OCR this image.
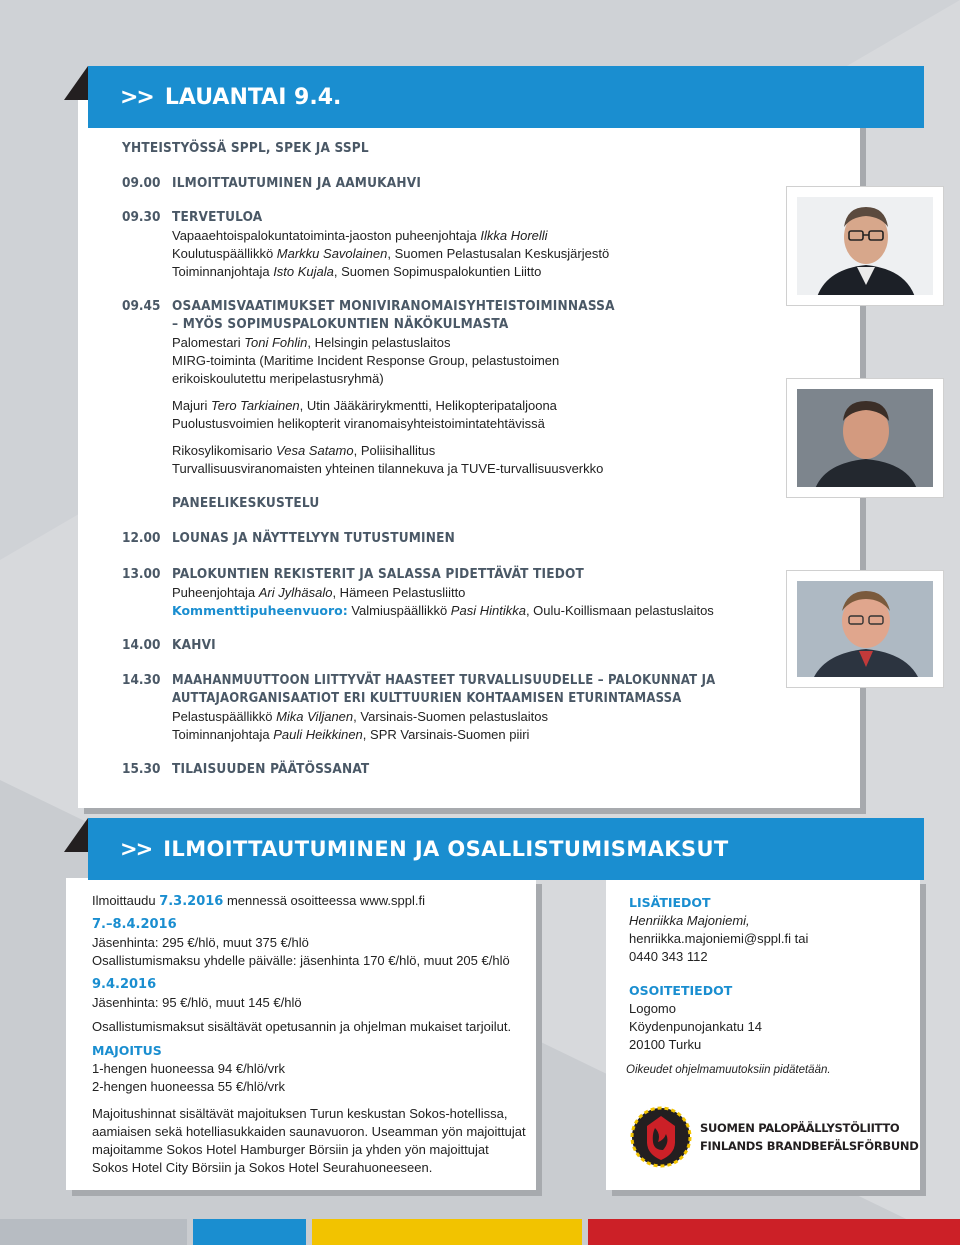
>> LAUANTAI 9.4.
YHTEISTYÖSSÄ SPPL, SPEK JA SSPL
09.00 ILMOITTAUTUMINEN JA AAMUKAHVI
09.30 TERVETULOA
Vapaaehtoispalokuntatoiminta-jaoston puheenjohtaja Ilkka Horelli
Koulutuspäällikkö Markku Savolainen, Suomen Pelastusalan Keskusjärjestö
Toiminnanjohtaja Isto Kujala, Suomen Sopimuspalokuntien Liitto
09.45 OSAAMISVAATIMUKSET MONIVIRANOMAISYHTEISTOIMINNASSA
– MYÖS SOPIMUSPALOKUNTIEN NÄKÖKULMASTA
Palomestari Toni Fohlin, Helsingin pelastuslaitos
MIRG-toiminta (Maritime Incident Response Group, pelastustoimen
erikoiskoulutettu meripelastusryhmä)
Majuri Tero Tarkiainen, Utin Jääkärirykmentti, Helikopteripataljoona
Puolustusvoimien helikopterit viranomaisyhteistoimintatehtävissä
Rikosylikomisario Vesa Satamo, Poliisihallitus
Turvallisuusviranomaisten yhteinen tilannekuva ja TUVE-turvallisuusverkko
PANEELIKESKUSTELU
12.00 LOUNAS JA NÄYTTELYYN TUTUSTUMINEN
13.00 PALOKUNTIEN REKISTERIT JA SALASSA PIDETTÄVÄT TIEDOT
Puheenjohtaja Ari Jylhäsalo, Hämeen Pelastusliitto
Kommenttipuheenvuoro: Valmiuspäällikkö Pasi Hintikka, Oulu-Koillismaan pelastuslaitos
14.00 KAHVI
14.30 MAAHANMUUTTOON LIITTYVÄT HAASTEET TURVALLISUUDELLE – PALOKUNNAT JA
AUTTAJAORGANISAATIOT ERI KULTTUURIEN KOHTAAMISEN ETURINTAMASSA
Pelastuspäällikkö Mika Viljanen, Varsinais-Suomen pelastuslaitos
Toiminnanjohtaja Pauli Heikkinen, SPR Varsinais-Suomen piiri
15.30 TILAISUUDEN PÄÄTÖSSANAT
>> ILMOITTAUTUMINEN JA OSALLISTUMISMAKSUT
Ilmoittaudu 7.3.2016 mennessä osoitteessa www.sppl.fi
7.–8.4.2016
Jäsenhinta: 295 €/hlö, muut 375 €/hlö
Osallistumismaksu yhdelle päivälle: jäsenhinta 170 €/hlö, muut 205 €/hlö
9.4.2016
Jäsenhinta: 95 €/hlö, muut 145 €/hlö
Osallistumismaksut sisältävät opetusannin ja ohjelman mukaiset tarjoilut.
MAJOITUS
1-hengen huoneessa 94 €/hlö/vrk
2-hengen huoneessa 55 €/hlö/vrk
Majoitushinnat sisältävät majoituksen Turun keskustan Sokos-hotellissa,
aamiaisen sekä hotelliasukkaiden saunavuoron. Useamman yön majoittujat
majoitamme Sokos Hotel Hamburger Börsiin ja yhden yön majoittujat
Sokos Hotel City Börsiin ja Sokos Hotel Seurahuoneeseen.
LISÄTIEDOT
Henriikka Majoniemi,
henriikka.majoniemi@sppl.fi tai
0440 343 112
OSOITETIEDOT
Logomo
Köydenpunojankatu 14
20100 Turku
Oikeudet ohjelmamuutoksiin pidätetään.
SUOMEN PALOPÄÄLLYSTÖLIITTO
FINLANDS BRANDBEFÄLSFÖRBUND
